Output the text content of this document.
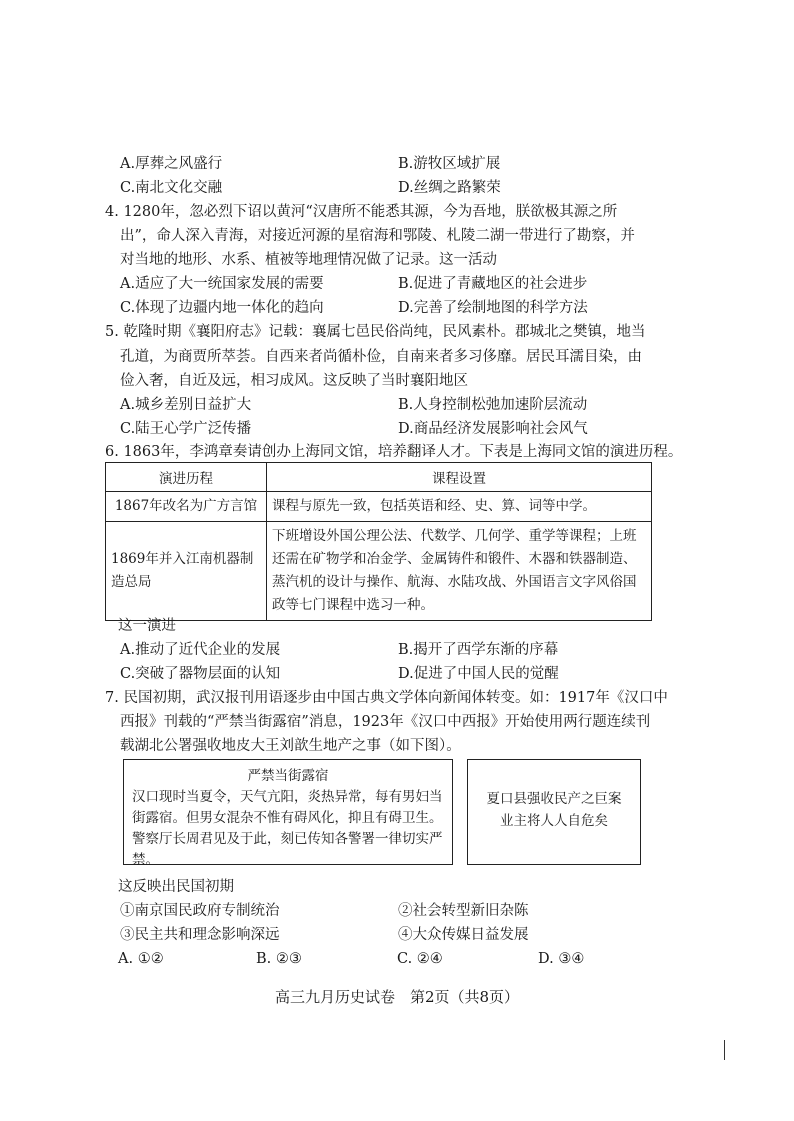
A.厚葬之风盛行	B.游牧区域扩展
C.南北文化交融	D.丝绸之路繁荣
4. 1280年，忽必烈下诏以黄河“汉唐所不能悉其源，今为吾地，朕欲极其源之所
出”，命人深入青海，对接近河源的星宿海和鄂陵、札陵二湖一带进行了勘察，并
对当地的地形、水系、植被等地理情况做了记录。这一活动
A.适应了大一统国家发展的需要	B.促进了青藏地区的社会进步
C.体现了边疆内地一体化的趋向	D.完善了绘制地图的科学方法
5. 乾隆时期《襄阳府志》记载：襄属七邑民俗尚纯，民风素朴。郡城北之樊镇，地当
孔道，为商贾所萃荟。自西来者尚循朴俭，自南来者多习侈靡。居民耳濡目染，由
俭入奢，自近及远，相习成风。这反映了当时襄阳地区
A.城乡差别日益扩大	B.人身控制松弛加速阶层流动
C.陆王心学广泛传播	D.商品经济发展影响社会风气
6. 1863年，李鸿章奏请创办上海同文馆，培养翻译人才。下表是上海同文馆的演进历程。
演进历程	课程设置
1867年改名为广方言馆	课程与原先一致，包括英语和经、史、算、词等中学。
1869年并入江南机器制造总局	下班增设外国公理公法、代数学、几何学、重学等课程；上班还需在矿物学和冶金学、金属铸件和锻件、木器和铁器制造、蒸汽机的设计与操作、航海、水陆攻战、外国语言文字风俗国政等七门课程中选习一种。
这一演进
A.推动了近代企业的发展	B.揭开了西学东渐的序幕
C.突破了器物层面的认知	D.促进了中国人民的觉醒
7. 民国初期，武汉报刊用语逐步由中国古典文学体向新闻体转变。如：1917年《汉口中
西报》刊载的“严禁当街露宿”消息，1923年《汉口中西报》开始使用两行题连续刊
载湖北公署强收地皮大王刘歆生地产之事（如下图）。
严禁当街露宿
汉口现时当夏令，天气亢阳，炎热异常，每有男妇当街露宿。但男女混杂不惟有碍风化，抑且有碍卫生。警察厅长周君见及于此，刻已传知各警署一律切实严禁。
夏口县强收民产之巨案
业主将人人自危矣
这反映出民国初期
①南京国民政府专制统治	②社会转型新旧杂陈
③民主共和理念影响深远	④大众传媒日益发展
A. ①②	B. ②③	C. ②④	D. ③④
高三九月历史试卷　第2页（共8页）
